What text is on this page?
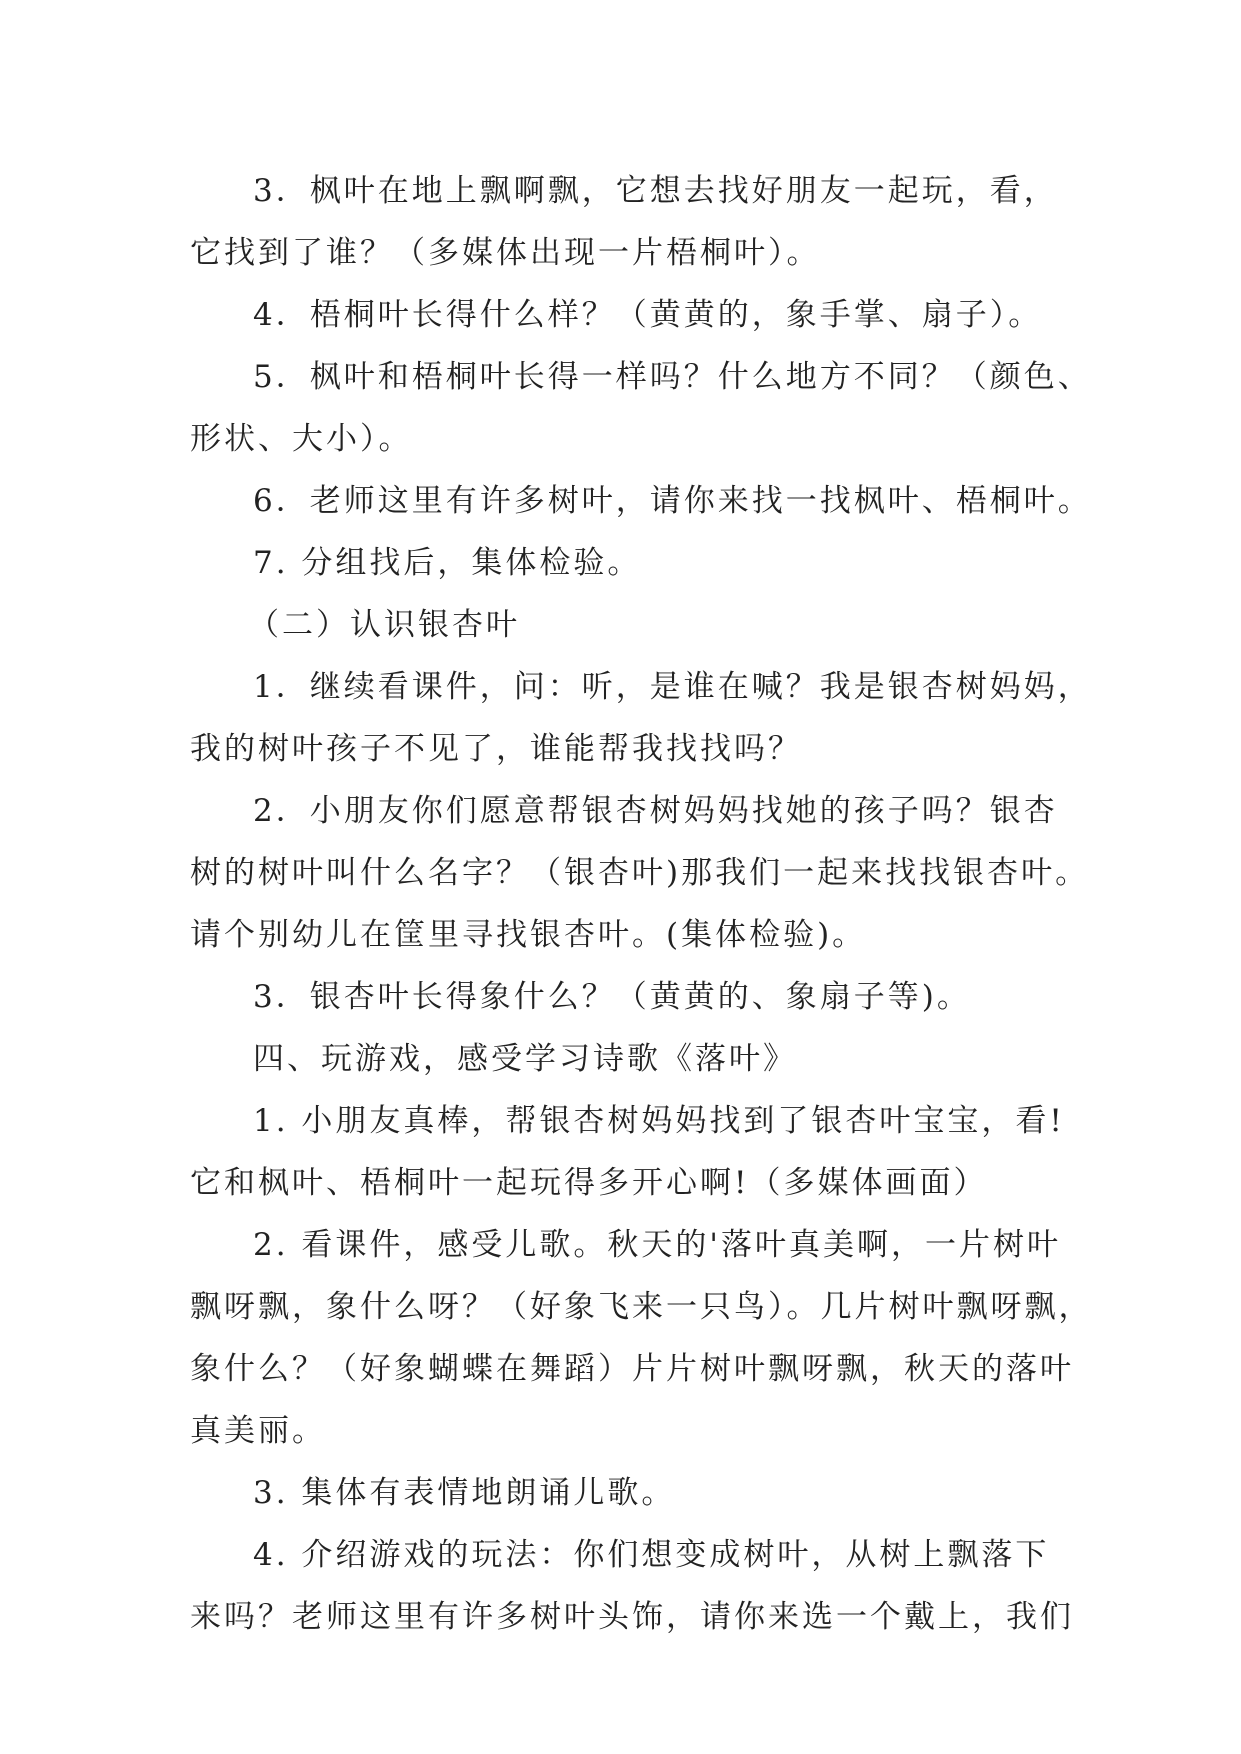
3．枫叶在地上飘啊飘，它想去找好朋友一起玩，看，
它找到了谁？（多媒体出现一片梧桐叶）。
4．梧桐叶长得什么样？（黄黄的，象手掌、扇子）。
5．枫叶和梧桐叶长得一样吗？什么地方不同？（颜色、
形状、大小）。
6．老师这里有许多树叶，请你来找一找枫叶、梧桐叶。
7. 分组找后，集体检验。
（二）认识银杏叶
1．继续看课件，问：听，是谁在喊？我是银杏树妈妈，
我的树叶孩子不见了，谁能帮我找找吗？
2．小朋友你们愿意帮银杏树妈妈找她的孩子吗？银杏
树的树叶叫什么名字？（银杏叶)那我们一起来找找银杏叶。
请个别幼儿在筐里寻找银杏叶。(集体检验)。
3．银杏叶长得象什么？（黄黄的、象扇子等)。
四、玩游戏，感受学习诗歌《落叶》
1. 小朋友真棒，帮银杏树妈妈找到了银杏叶宝宝，看!
它和枫叶、梧桐叶一起玩得多开心啊!（多媒体画面）
2. 看课件，感受儿歌。秋天的'落叶真美啊，一片树叶
飘呀飘，象什么呀？（好象飞来一只鸟）。几片树叶飘呀飘，
象什么？（好象蝴蝶在舞蹈）片片树叶飘呀飘，秋天的落叶
真美丽。
3. 集体有表情地朗诵儿歌。
4. 介绍游戏的玩法：你们想变成树叶，从树上飘落下
来吗？老师这里有许多树叶头饰，请你来选一个戴上，我们
